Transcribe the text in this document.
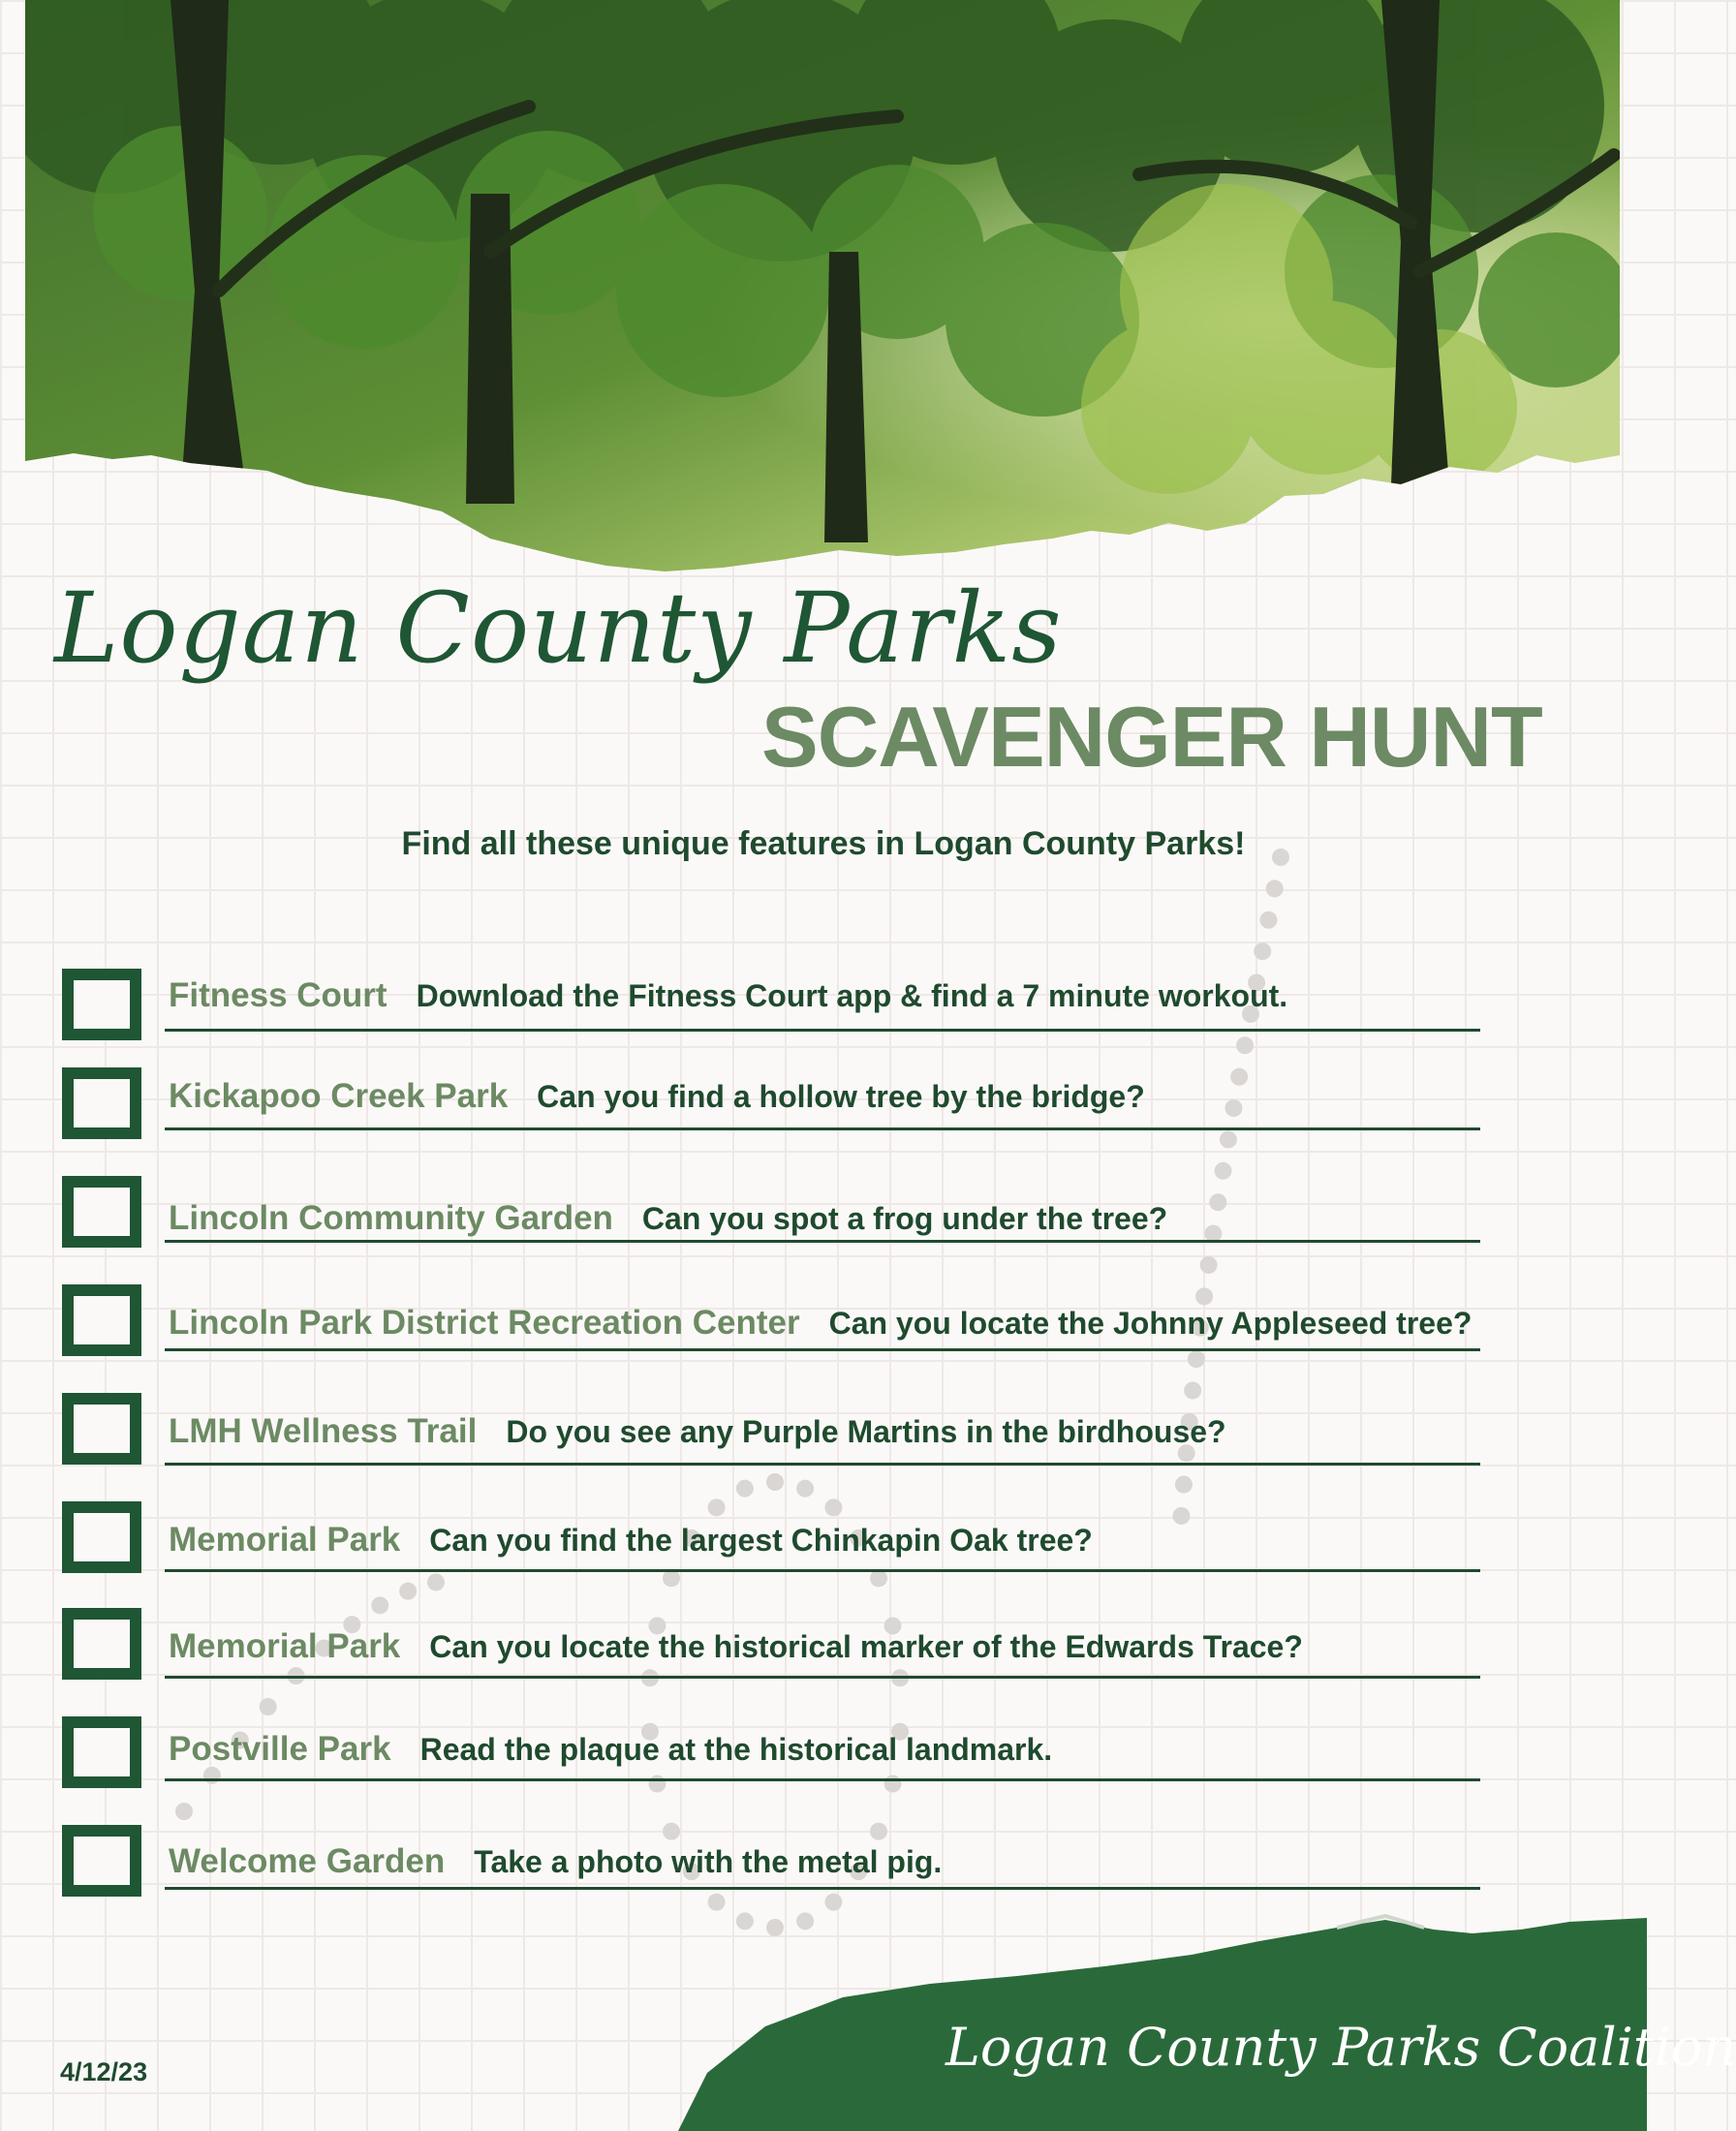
Logan County Parks
SCAVENGER HUNT
Find all these unique features in Logan County Parks!
Fitness Court Download the Fitness Court app & find a 7 minute workout.
Kickapoo Creek Park Can you find a hollow tree by the bridge?
Lincoln Community Garden Can you spot a frog under the tree?
Lincoln Park District Recreation Center Can you locate the Johnny Appleseed tree?
LMH Wellness Trail Do you see any Purple Martins in the birdhouse?
Memorial Park Can you find the largest Chinkapin Oak tree?
Memorial Park Can you locate the historical marker of the Edwards Trace?
Postville Park Read the plaque at the historical landmark.
Welcome Garden Take a photo with the metal pig.
4/12/23	Logan County Parks Coalition
